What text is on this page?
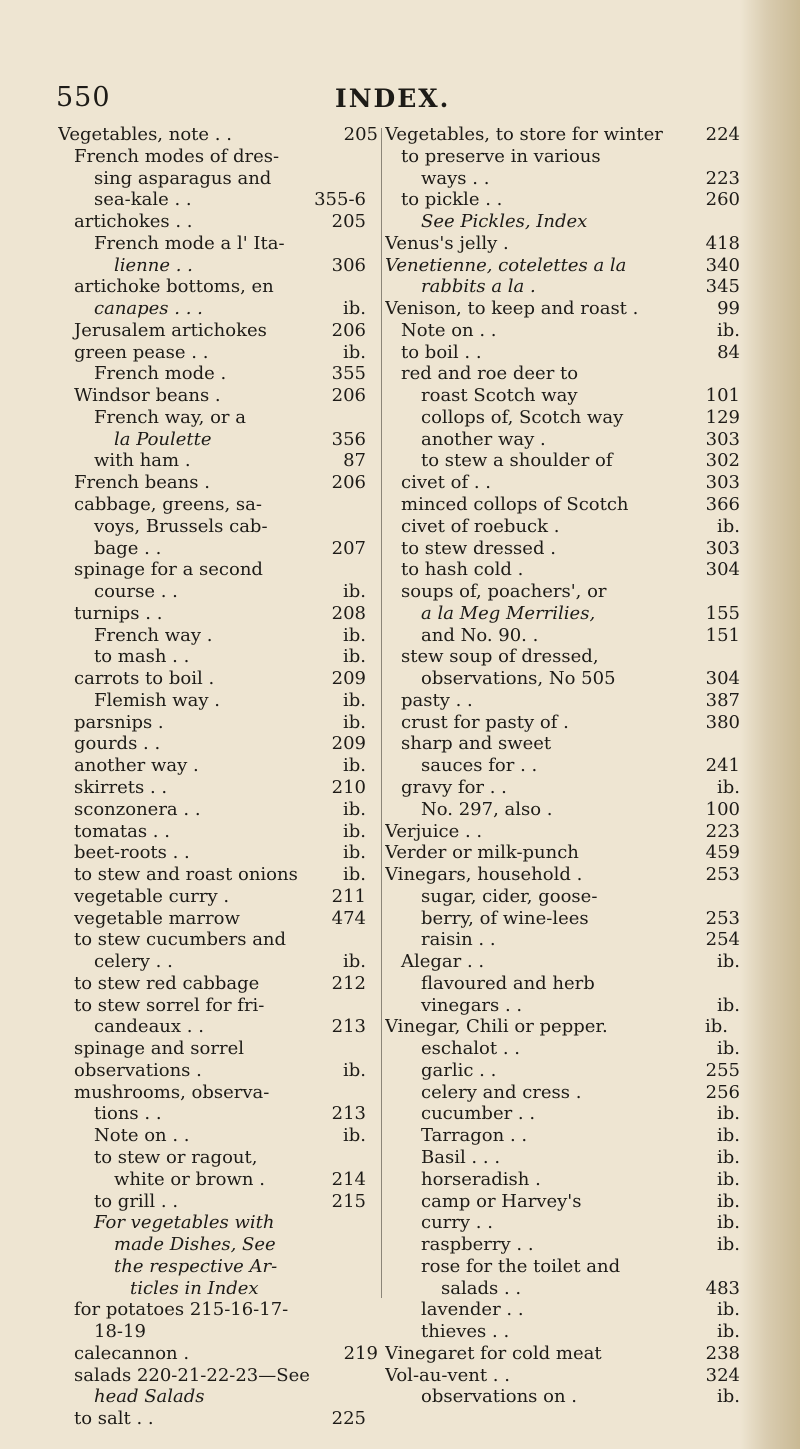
550	INDEX.
Vegetables, note . .	205
French modes of dres-
sing asparagus and
sea-kale . .	355-6
artichokes . .	205
French mode a l' Ita-
lienne . .	306
artichoke bottoms, en
canapes . . .	ib.
Jerusalem artichokes	206
green pease . .	ib.
French mode .	355
Windsor beans .	206
French way, or a
la Poulette	356
with ham .	87
French beans .	206
cabbage, greens, sa-
voys, Brussels cab-
bage . .	207
spinage for a second
course . .	ib.
turnips . .	208
French way .	ib.
to mash . .	ib.
carrots to boil .	209
Flemish way .	ib.
parsnips .	ib.
gourds . .	209
another way .	ib.
skirrets . .	210
sconzonera . .	ib.
tomatas . .	ib.
beet-roots . .	ib.
to stew and roast onions	ib.
vegetable curry .	211
vegetable marrow	474
to stew cucumbers and
celery . .	ib.
to stew red cabbage	212
to stew sorrel for fri-
candeaux . .	213
spinage and sorrel
observations .	ib.
mushrooms, observa-
tions . .	213
Note on . .	ib.
to stew or ragout,
white or brown .	214
to grill . .	215
For vegetables with
made Dishes, See
the respective Ar-
ticles in Index
for potatoes 215-16-17-
18-19
calecannon .	219
salads 220-21-22-23—See
head Salads
to salt . .	225
Vegetables, to store for winter 224
to preserve in various
ways . .	223
to pickle . .	260
See Pickles, Index
Venus's jelly .	418
Venetienne, cotelettes a la	340
rabbits a la .	345
Venison, to keep and roast .	99
Note on . .	ib.
to boil . .	84
red and roe deer to
roast Scotch way	101
collops of, Scotch way	129
another way .	303
to stew a shoulder of	302
civet of . .	303
minced collops of Scotch	366
civet of roebuck .	ib.
to stew dressed .	303
to hash cold .	304
soups of, poachers', or
a la Meg Merrilies,	155
and No. 90. .	151
stew soup of dressed,
observations, No 505	304
pasty . .	387
crust for pasty of .	380
sharp and sweet
sauces for . .	241
gravy for . .	ib.
No. 297, also .	100
Verjuice . .	223
Verder or milk-punch	459
Vinegars, household .	253
sugar, cider, goose-
berry, of wine-lees	253
raisin . .	254
Alegar . .	ib.
flavoured and herb
vinegars . .	ib.
Vinegar, Chili or pepper.	ib.
eschalot . .	ib.
garlic . .	255
celery and cress .	256
cucumber . .	ib.
Tarragon . .	ib.
Basil . . .	ib.
horseradish .	ib.
camp or Harvey's	ib.
curry . .	ib.
raspberry . .	ib.
rose for the toilet and
salads . .	483
lavender . .	ib.
thieves . .	ib.
Vinegaret for cold meat	238
Vol-au-vent . .	324
observations on .	ib.
